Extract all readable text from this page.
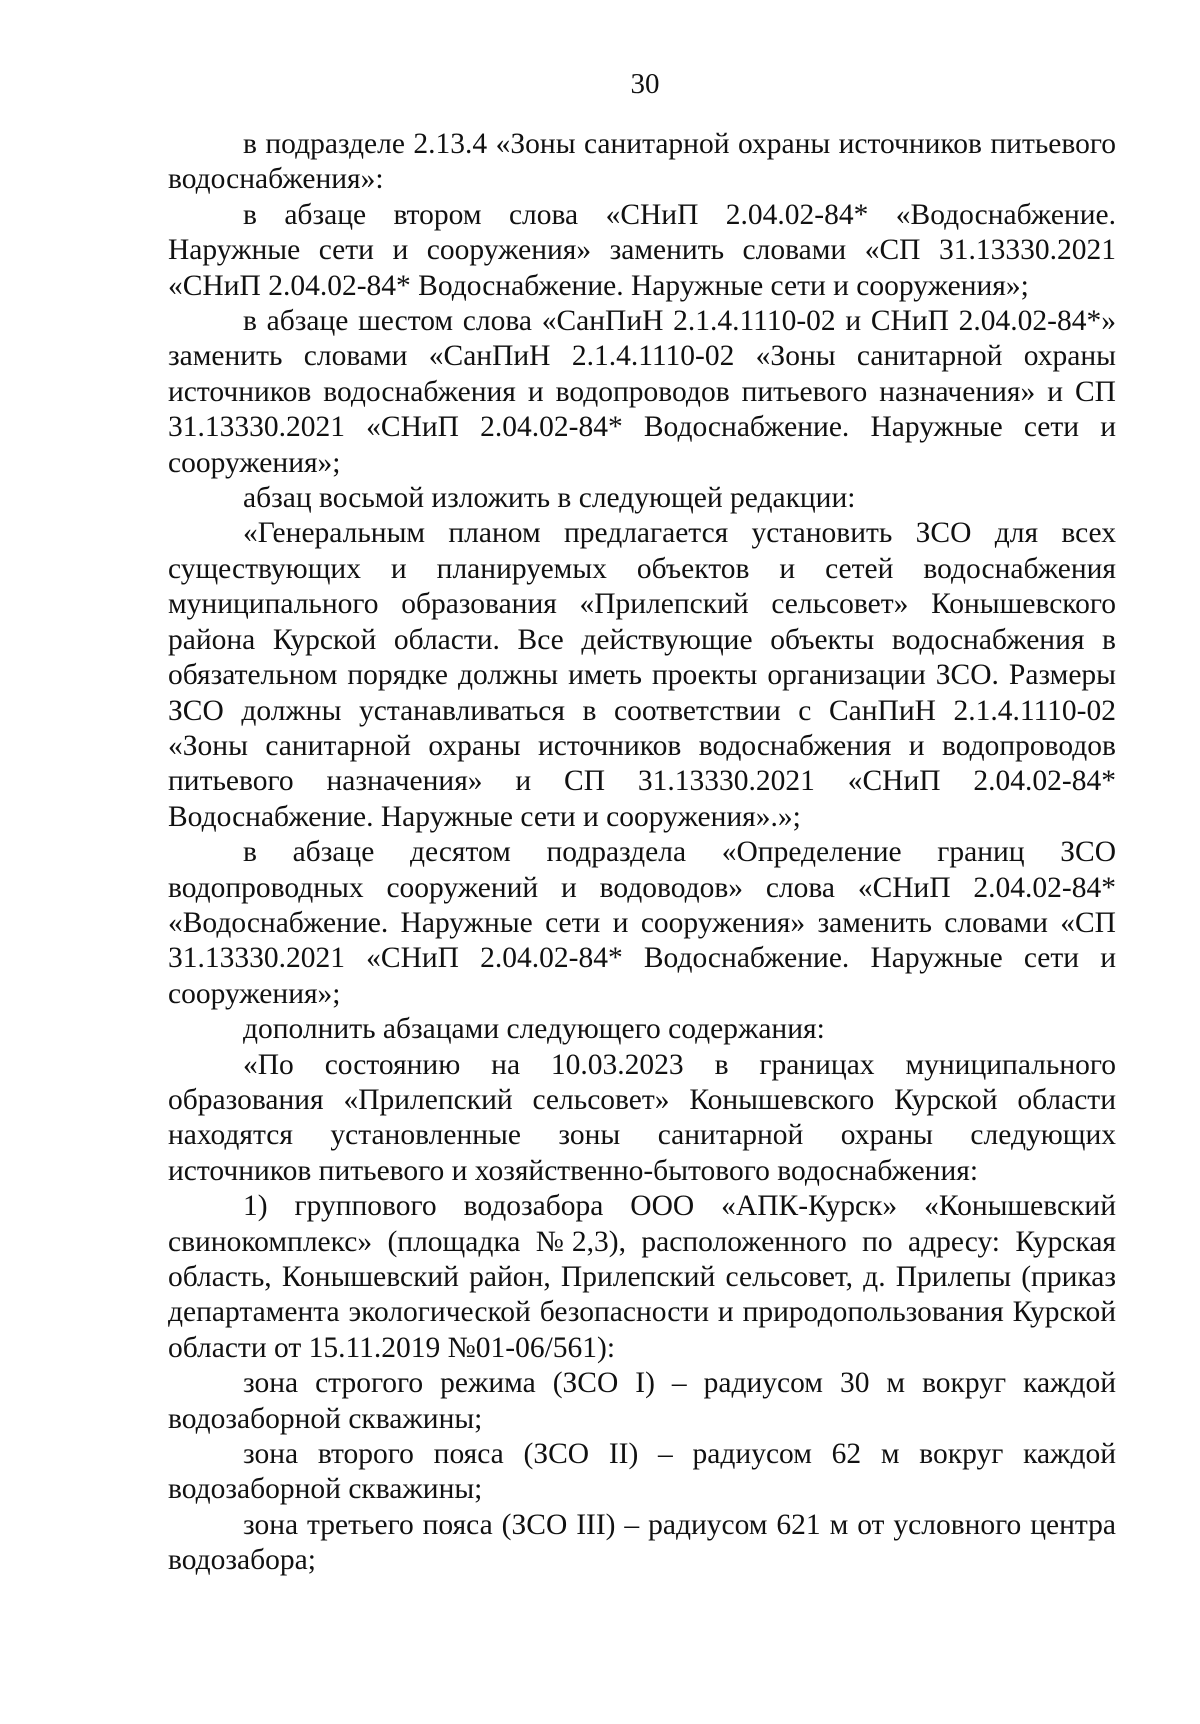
30

в подразделе 2.13.4 «Зоны санитарной охраны источников питьевого водоснабжения»:

в абзаце втором слова «СНиП 2.04.02-84* «Водоснабжение. Наружные сети и сооружения» заменить словами «СП 31.13330.2021 «СНиП 2.04.02-84* Водоснабжение. Наружные сети и сооружения»;

в абзаце шестом слова «СанПиН 2.1.4.1110-02 и СНиП 2.04.02-84*» заменить словами «СанПиН 2.1.4.1110-02 «Зоны санитарной охраны источников водоснабжения и водопроводов питьевого назначения» и СП 31.13330.2021 «СНиП 2.04.02-84* Водоснабжение. Наружные сети и сооружения»;

абзац восьмой изложить в следующей редакции:

«Генеральным планом предлагается установить ЗСО для всех существующих и планируемых объектов и сетей водоснабжения муниципального образования «Прилепский сельсовет» Конышевского района Курской области. Все действующие объекты водоснабжения в обязательном порядке должны иметь проекты организации ЗСО. Размеры ЗСО должны устанавливаться в соответствии с СанПиН 2.1.4.1110-02 «Зоны санитарной охраны источников водоснабжения и водопроводов питьевого назначения» и СП 31.13330.2021 «СНиП 2.04.02-84* Водоснабжение. Наружные сети и сооружения».»;

в абзаце десятом подраздела «Определение границ ЗСО водопроводных сооружений и водоводов» слова «СНиП 2.04.02-84* «Водоснабжение. Наружные сети и сооружения» заменить словами «СП 31.13330.2021 «СНиП 2.04.02-84* Водоснабжение. Наружные сети и сооружения»;

дополнить абзацами следующего содержания:

«По состоянию на 10.03.2023 в границах муниципального образования «Прилепский сельсовет» Конышевского Курской области находятся установленные зоны санитарной охраны следующих источников питьевого и хозяйственно-бытового водоснабжения:

1) группового водозабора ООО «АПК-Курск» «Конышевский свинокомплекс» (площадка №2,3), расположенного по адресу: Курская область, Конышевский район, Прилепский сельсовет, д. Прилепы (приказ департамента экологической безопасности и природопользования Курской области от 15.11.2019 №01-06/561):

зона строгого режима (ЗСО I) – радиусом 30 м вокруг каждой водозаборной скважины;

зона второго пояса (ЗСО II) – радиусом 62 м вокруг каждой водозаборной скважины;

зона третьего пояса (ЗСО III) – радиусом 621 м от условного центра водозабора;
